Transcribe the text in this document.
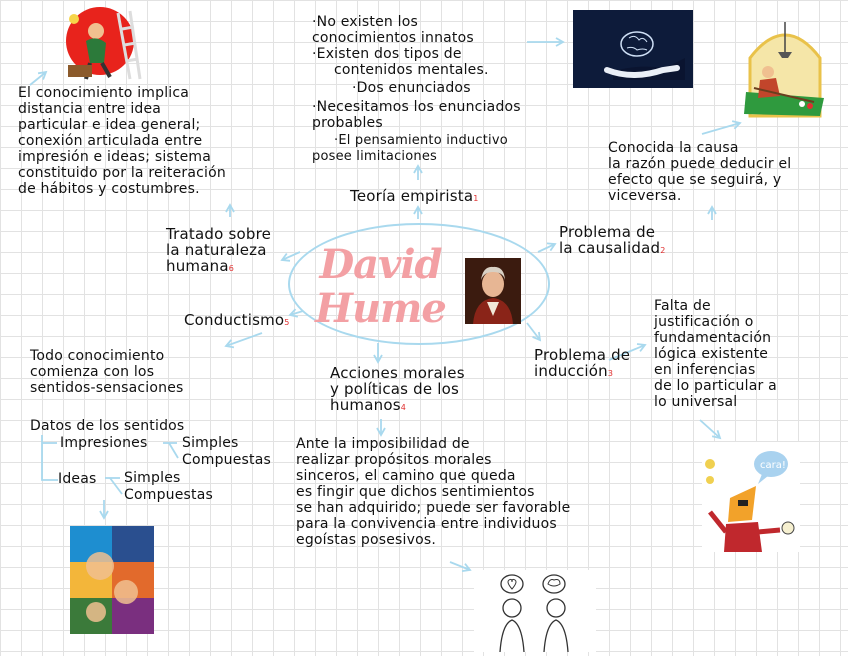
David
Hume
·No existen los
conocimientos innatos
·Existen dos tipos de
contenidos mentales.
·Dos enunciados
·Necesitamos los enunciados
probables
·El pensamiento inductivo
posee limitaciones
Teoría empirista1
El conocimiento implica
distancia entre idea
particular e idea general;
conexión articulada entre
impresión e ideas; sistema
constituido por la reiteración
de hábitos y costumbres.
Tratado sobre
la naturaleza
humana6
Problema de
la causalidad2
Conocida la causa
la razón puede deducir el
efecto que se seguirá, y
viceversa.
Conductismo5
Todo conocimiento
comienza con los
sentidos-sensaciones
Datos de los sentidos
Impresiones Simples
Compuestas
Ideas Simples
Compuestas
Acciones morales
y políticas de los
humanos4
Ante la imposibilidad de
realizar propósitos morales
sinceros, el camino que queda
es fingir que dichos sentimientos
se han adquirido; puede ser favorable
para la convivencia entre individuos
egoístas posesivos.
Problema de
inducción3
Falta de
justificación o
fundamentación
lógica existente
en inferencias
de lo particular a
lo universal
cara!
